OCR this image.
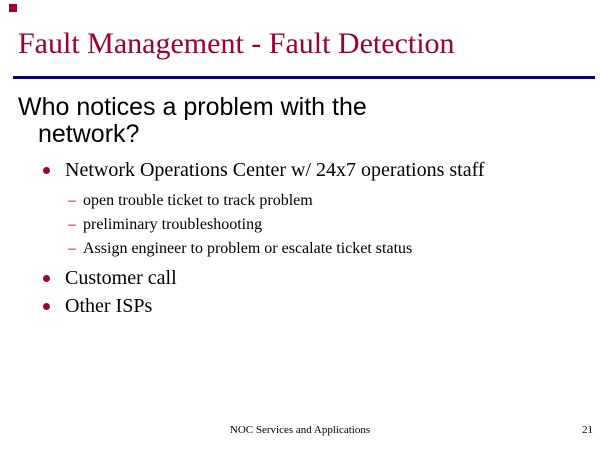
Fault Management - Fault Detection
Who notices a problem with the network?
Network Operations Center w/ 24x7 operations staff
– open trouble ticket to track problem
– preliminary troubleshooting
– Assign engineer to problem or escalate ticket status
Customer call
Other ISPs
NOC Services and Applications	21
